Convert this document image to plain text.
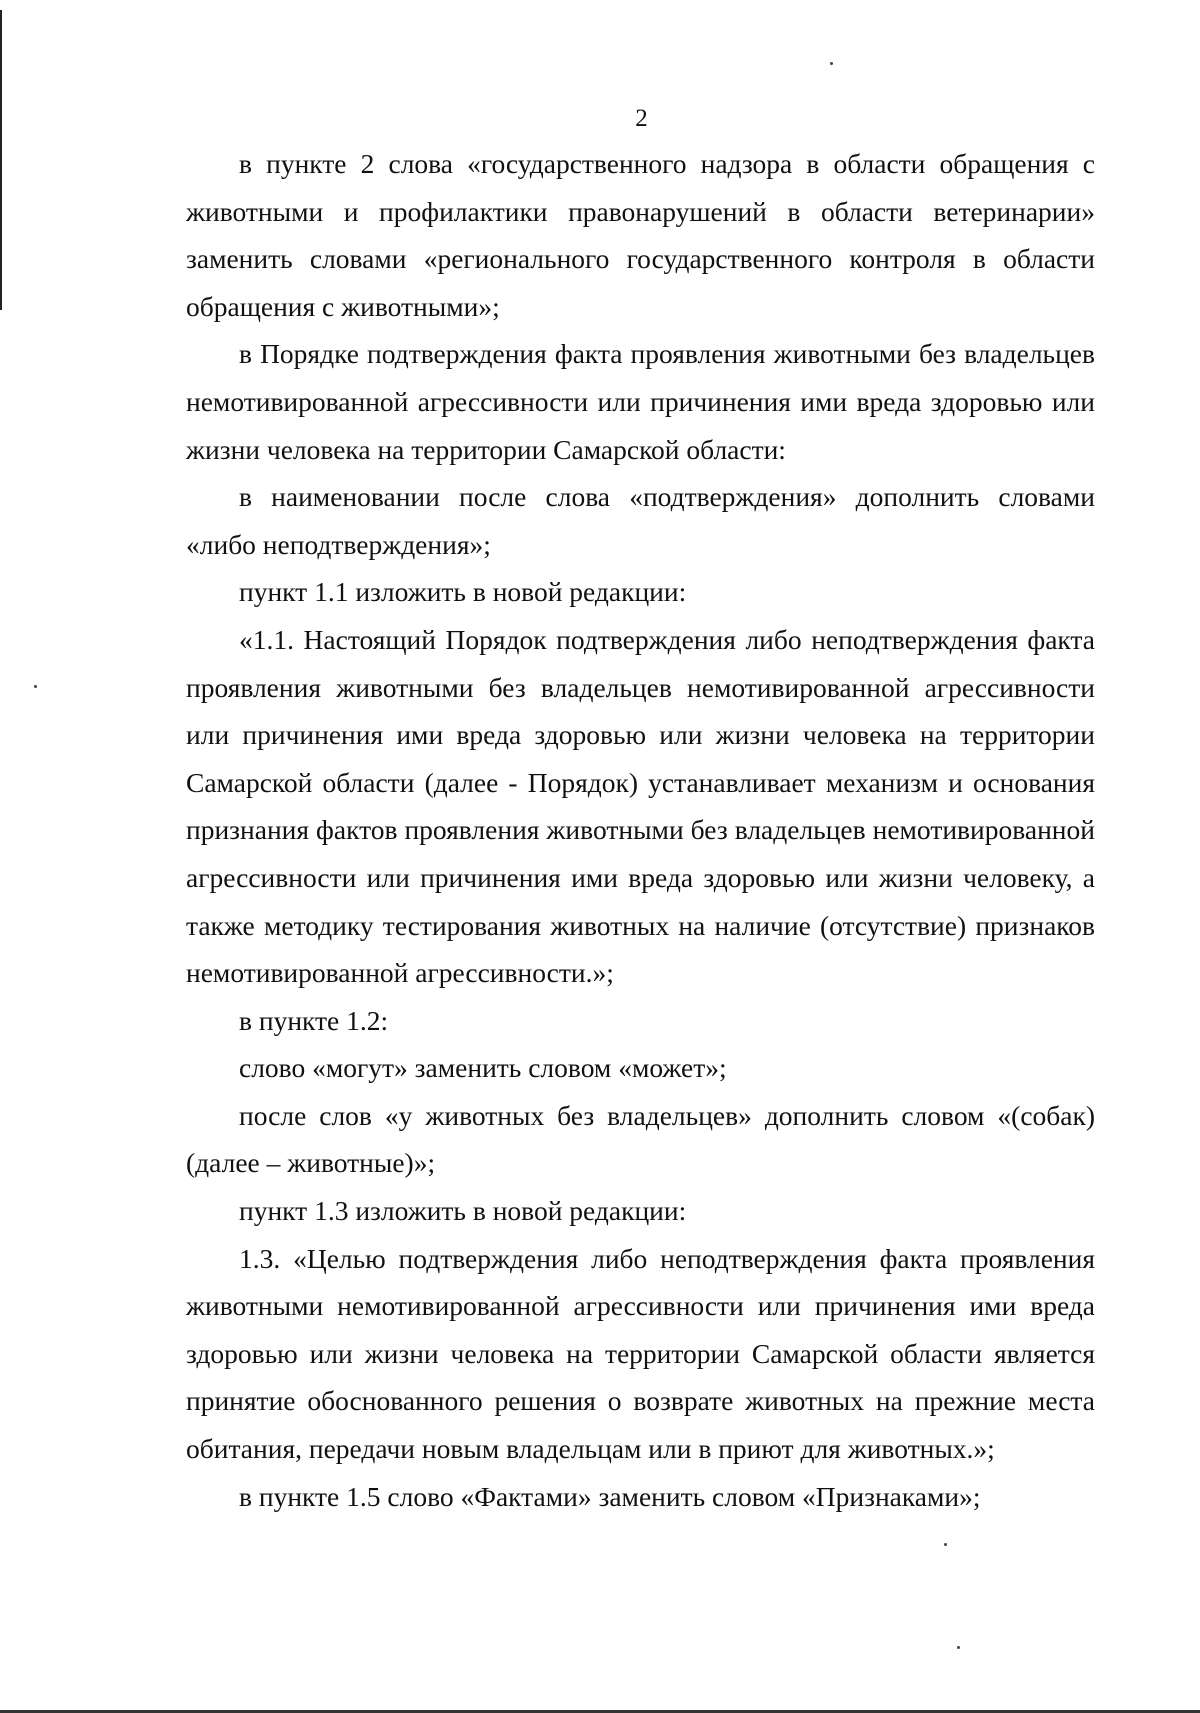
2

в пункте 2 слова «государственного надзора в области обращения с животными и профилактики правонарушений в области ветеринарии» заменить словами «регионального государственного контроля в области обращения с животными»;

в Порядке подтверждения факта проявления животными без владельцев немотивированной агрессивности или причинения ими вреда здоровью или жизни человека на территории Самарской области:

в наименовании после слова «подтверждения» дополнить словами «либо неподтверждения»;

пункт 1.1 изложить в новой редакции:

«1.1. Настоящий Порядок подтверждения либо неподтверждения факта проявления животными без владельцев немотивированной агрессивности или причинения ими вреда здоровью или жизни человека на территории Самарской области (далее - Порядок) устанавливает механизм и основания признания фактов проявления животными без владельцев немотивированной агрессивности или причинения ими вреда здоровью или жизни человеку, а также методику тестирования животных на наличие (отсутствие) признаков немотивированной агрессивности.»;

в пункте 1.2:

слово «могут» заменить словом «может»;

после слов «у животных без владельцев» дополнить словом «(собак) (далее – животные)»;

пункт 1.3 изложить в новой редакции:

1.3. «Целью подтверждения либо неподтверждения факта проявления животными немотивированной агрессивности или причинения ими вреда здоровью или жизни человека на территории Самарской области является принятие обоснованного решения о возврате животных на прежние места обитания, передачи новым владельцам или в приют для животных.»;

в пункте 1.5 слово «Фактами» заменить словом «Признаками»;
